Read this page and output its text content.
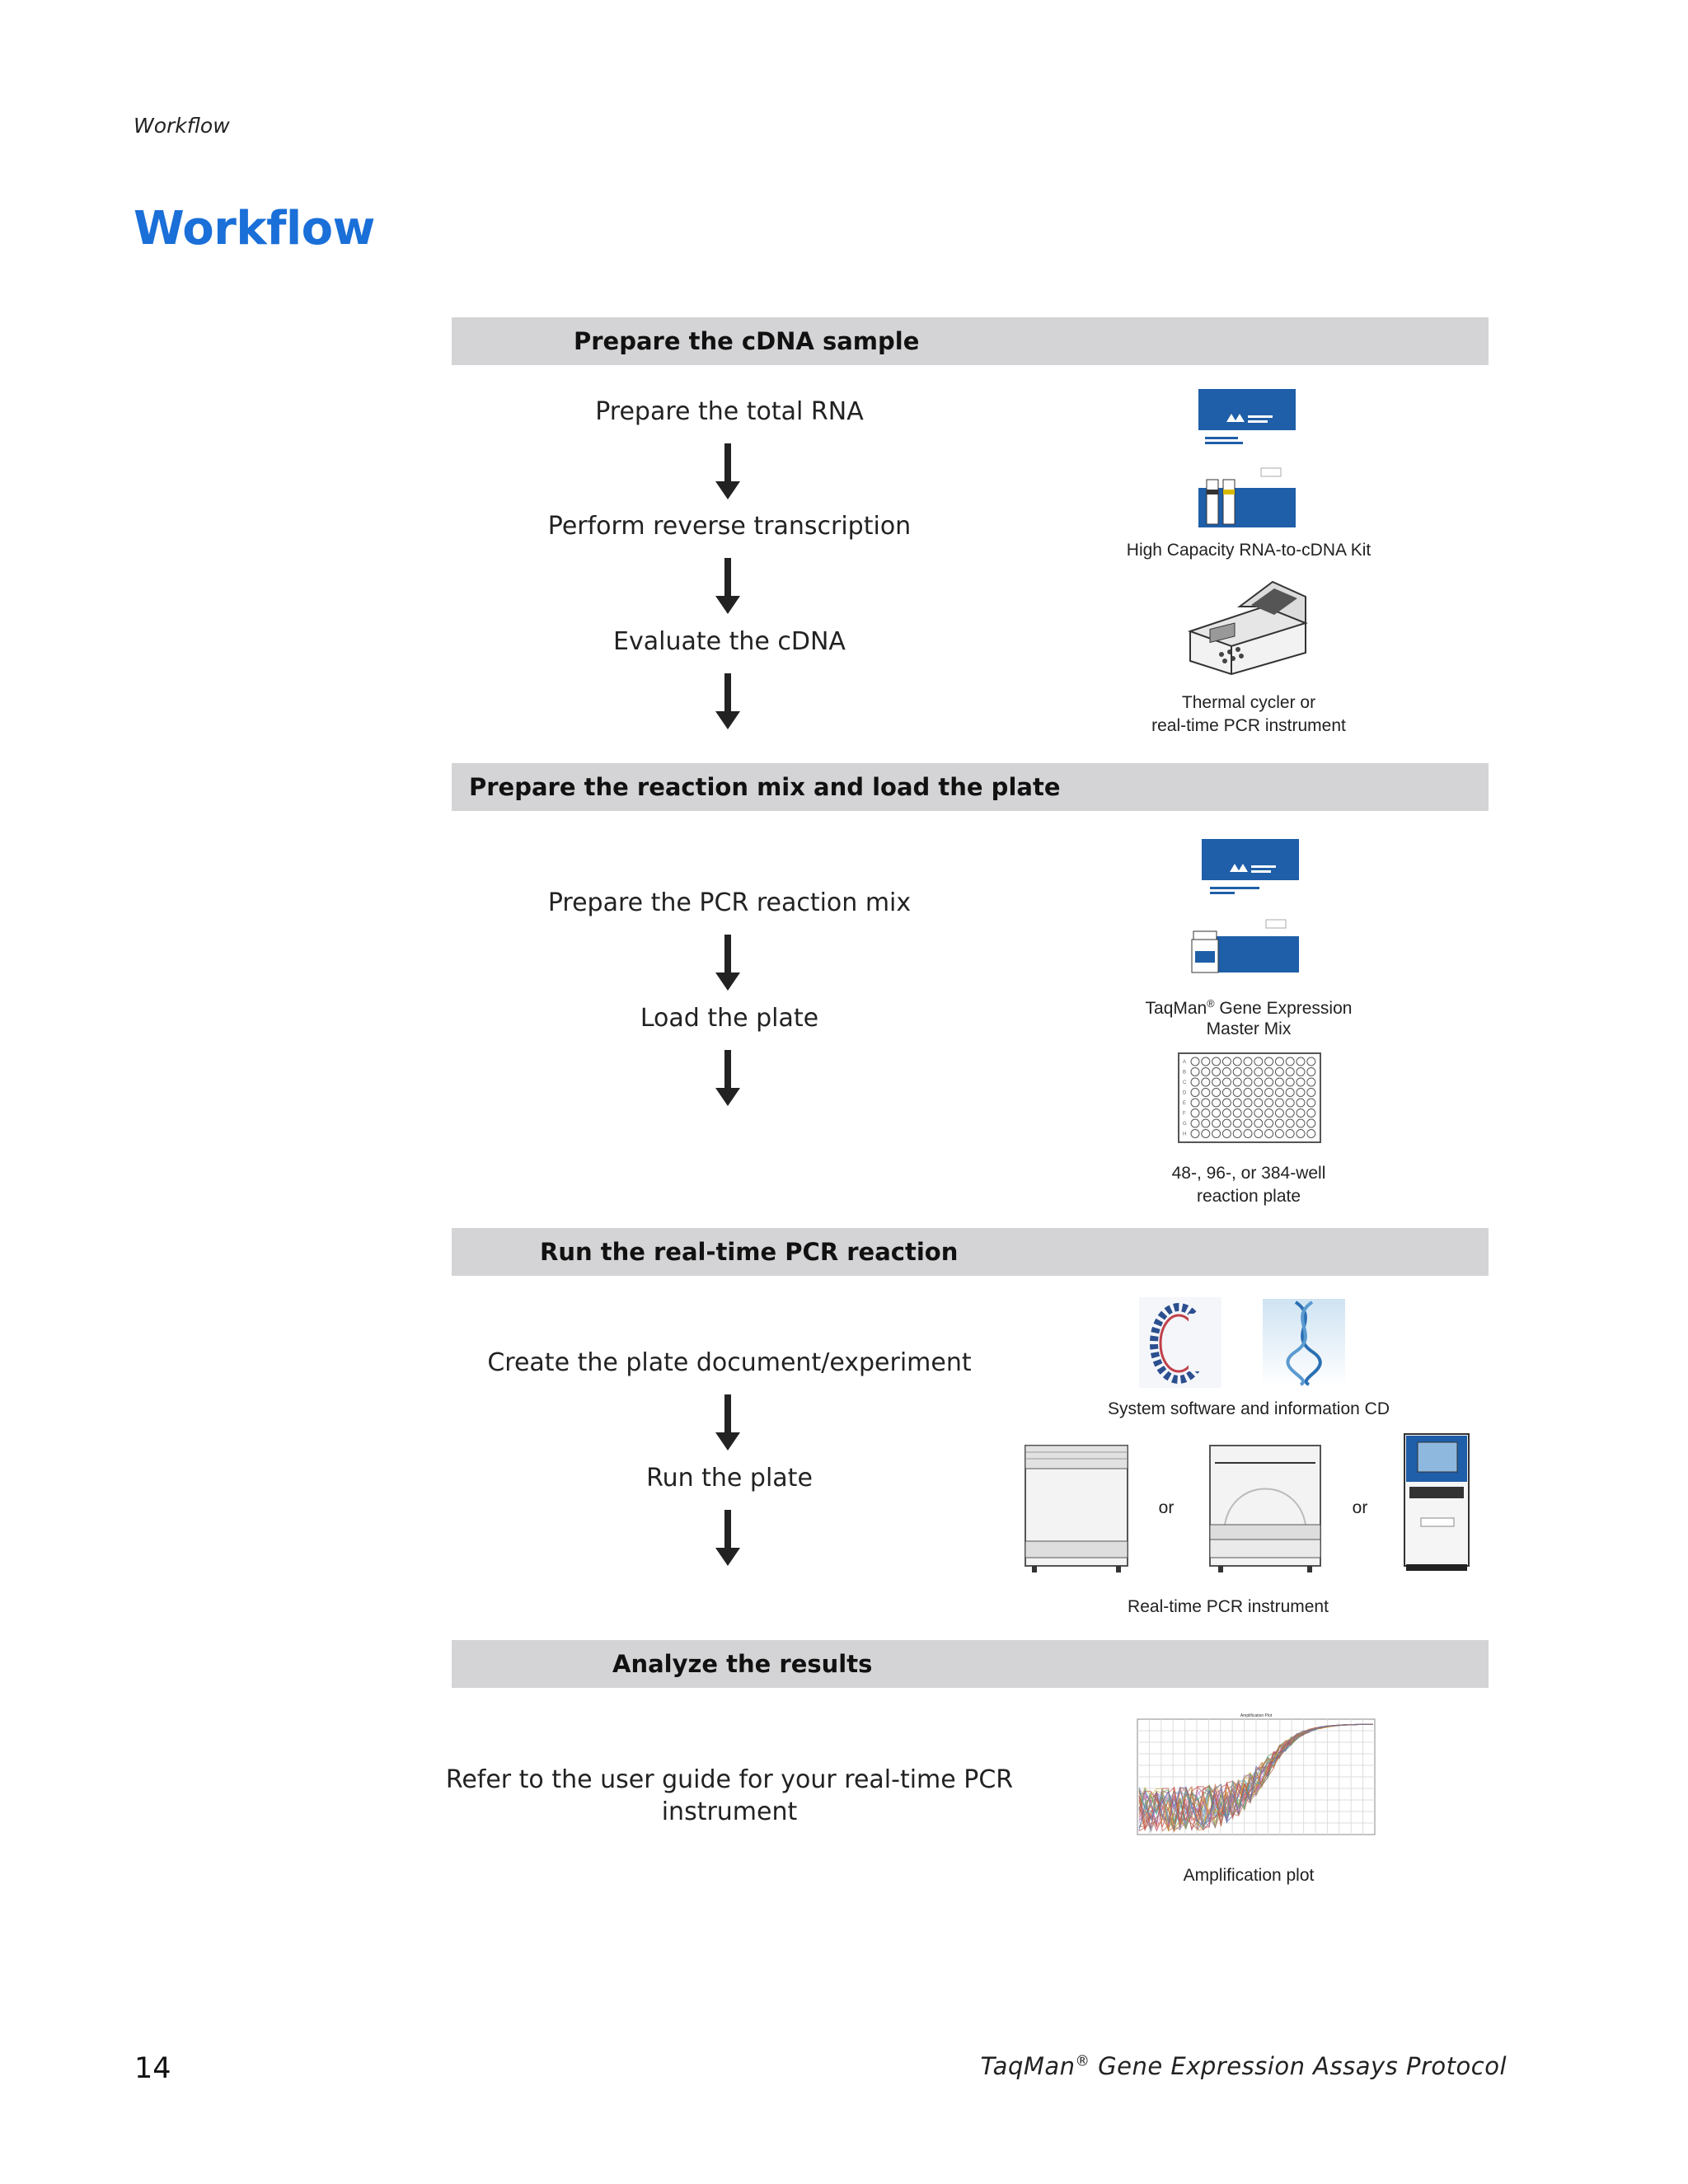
Workflow
Workflow
Prepare the cDNA sample
Prepare the total RNA
Perform reverse transcription
Evaluate the cDNA
High Capacity RNA-to-cDNA Kit
Thermal cycler or
real-time PCR instrument
Prepare the reaction mix and load the plate
Prepare the PCR reaction mix
Load the plate	TaqMan® Gene Expression
Master Mix
A
B
C
D
E
F
G
H
48-, 96-, or 384-well
reaction plate
Run the real-time PCR reaction
Create the plate document/experiment
Run the plate
System software and information CD
or	or
Real-time PCR instrument
Analyze the results
Refer to the user guide for your real-time PCR
instrument
Amplification Plot
Amplification plot
14	TaqMan® Gene Expression Assays Protocol
